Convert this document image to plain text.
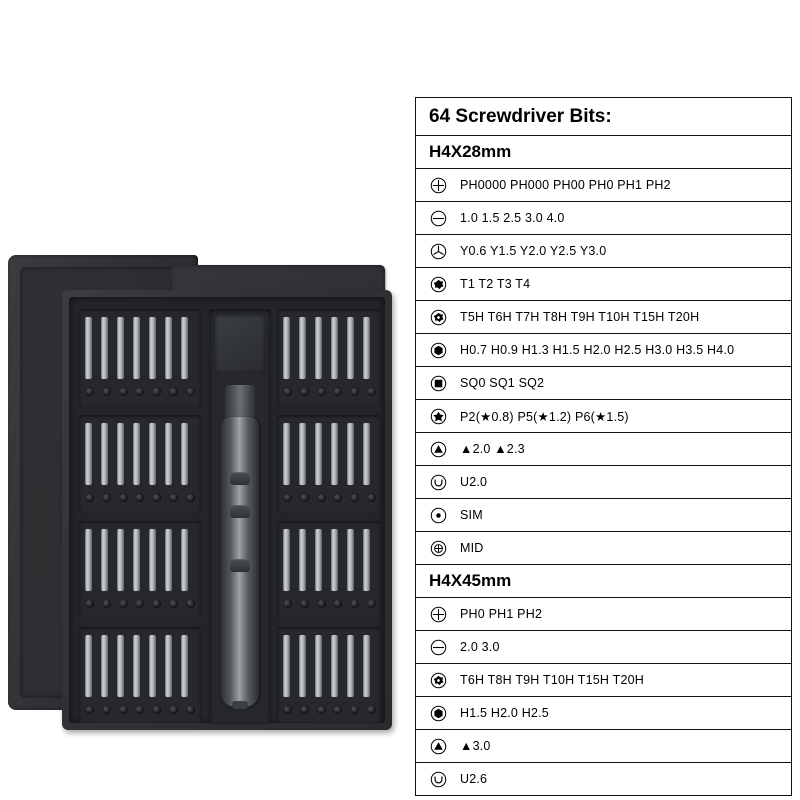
64 Screwdriver Bits:
H4X28mm
PH0000 PH000 PH00 PH0 PH1 PH2
1.0 1.5 2.5 3.0 4.0
Y0.6 Y1.5 Y2.0 Y2.5 Y3.0
T1 T2 T3 T4
T5H T6H T7H T8H T9H T10H T15H T20H
H0.7 H0.9 H1.3 H1.5 H2.0 H2.5 H3.0 H3.5 H4.0
SQ0 SQ1 SQ2
P2(★0.8) P5(★1.2) P6(★1.5)
▲2.0 ▲2.3
U2.0
SIM
MID
H4X45mm
PH0 PH1 PH2
2.0 3.0
T6H T8H T9H T10H T15H T20H
H1.5 H2.0 H2.5
▲3.0
U2.6
